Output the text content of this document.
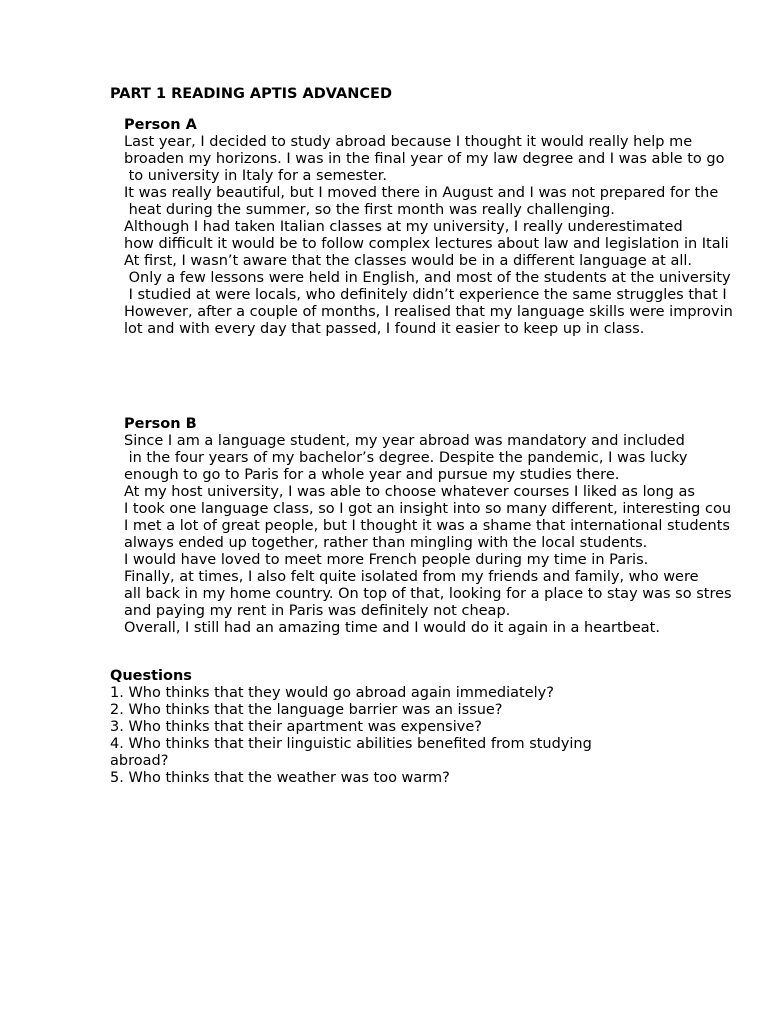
PART 1 READING APTIS ADVANCED
Person A
Last year, I decided to study abroad because I thought it would really help me
broaden my horizons. I was in the final year of my law degree and I was able to go
to university in Italy for a semester.
It was really beautiful, but I moved there in August and I was not prepared for the
heat during the summer, so the first month was really challenging.
Although I had taken Italian classes at my university, I really underestimated
how difficult it would be to follow complex lectures about law and legislation in Itali
At first, I wasn’t aware that the classes would be in a different language at all.
Only a few lessons were held in English, and most of the students at the university
I studied at were locals, who definitely didn’t experience the same struggles that I
However, after a couple of months, I realised that my language skills were improvin
lot and with every day that passed, I found it easier to keep up in class.
Person B
Since I am a language student, my year abroad was mandatory and included
in the four years of my bachelor’s degree. Despite the pandemic, I was lucky
enough to go to Paris for a whole year and pursue my studies there.
At my host university, I was able to choose whatever courses I liked as long as
I took one language class, so I got an insight into so many different, interesting cou
I met a lot of great people, but I thought it was a shame that international students
always ended up together, rather than mingling with the local students.
I would have loved to meet more French people during my time in Paris.
Finally, at times, I also felt quite isolated from my friends and family, who were
all back in my home country. On top of that, looking for a place to stay was so stres
and paying my rent in Paris was definitely not cheap.
Overall, I still had an amazing time and I would do it again in a heartbeat.
Questions
1. Who thinks that they would go abroad again immediately?
2. Who thinks that the language barrier was an issue?
3. Who thinks that their apartment was expensive?
4. Who thinks that their linguistic abilities benefited from studying
abroad?
5. Who thinks that the weather was too warm?
